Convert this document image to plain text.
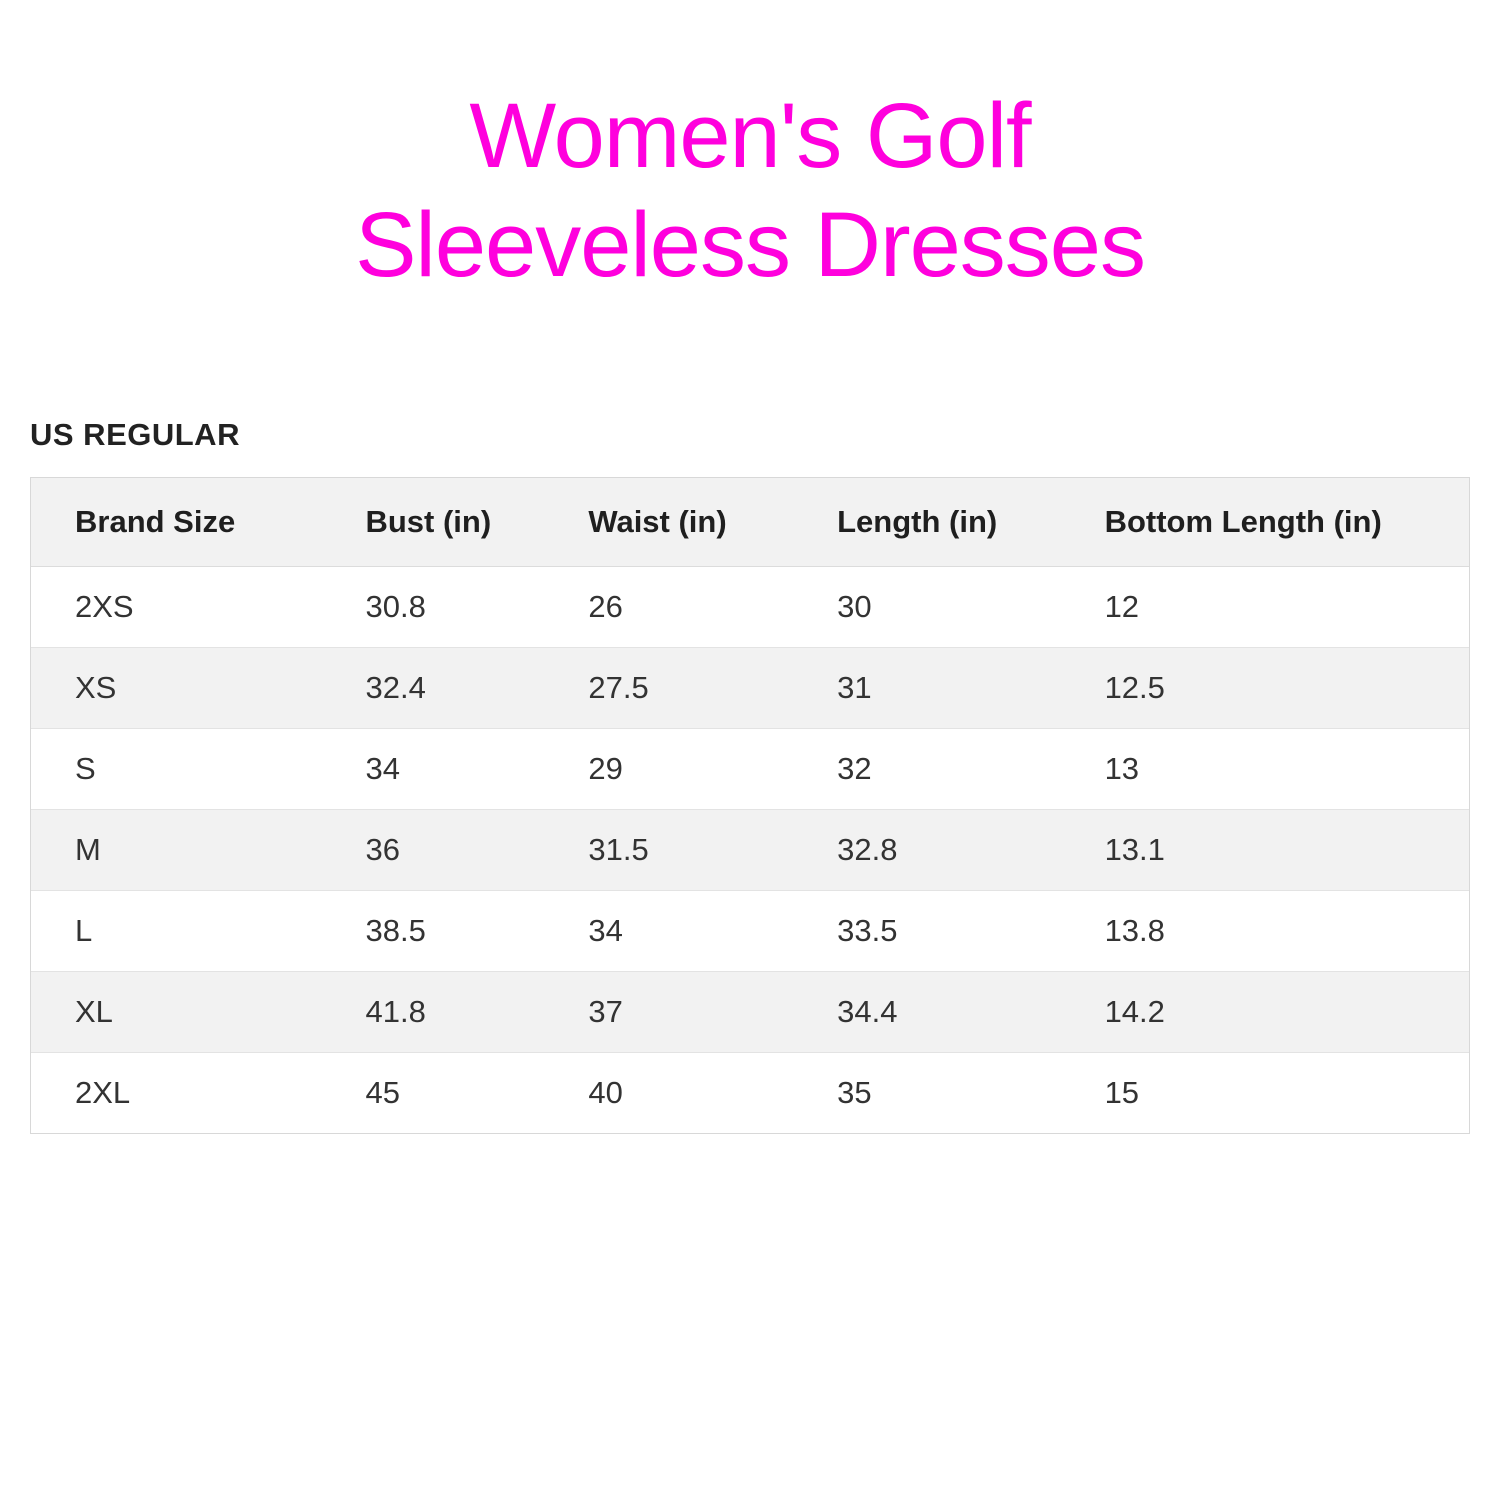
Women's Golf
Sleeveless Dresses
US REGULAR
Brand Size	Bust (in)	Waist (in)	Length (in)	Bottom Length (in)
2XS	30.8	26	30	12
XS	32.4	27.5	31	12.5
S	34	29	32	13
M	36	31.5	32.8	13.1
L	38.5	34	33.5	13.8
XL	41.8	37	34.4	14.2
2XL	45	40	35	15
